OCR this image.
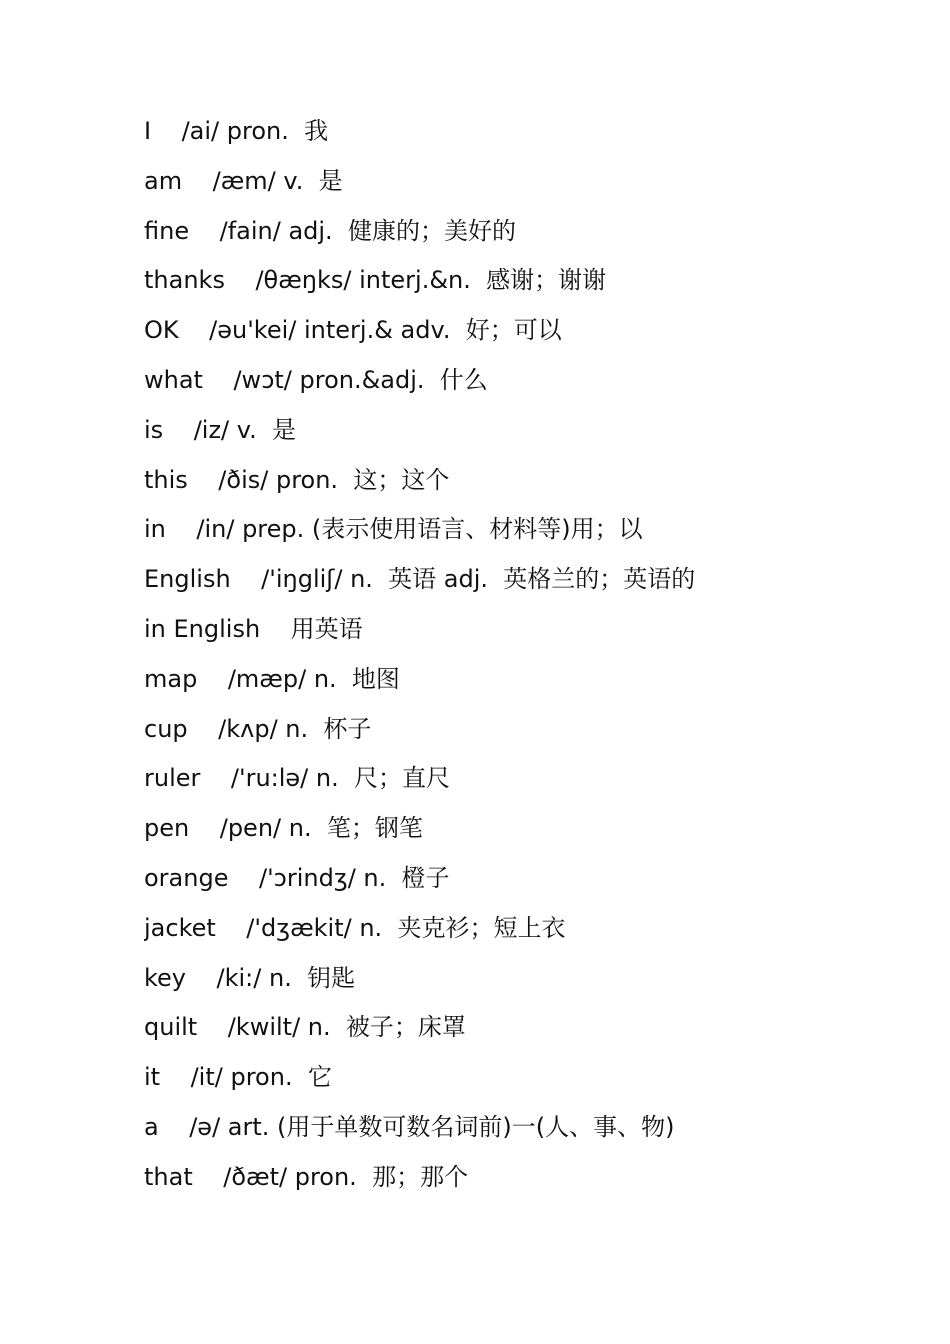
I    /ai/ pron.  我
am    /æm/ v.  是
fine    /fain/ adj.  健康的；美好的
thanks    /θæŋks/ interj.&n.  感谢；谢谢
OK    /əu'kei/ interj.& adv.  好；可以
what    /wɔt/ pron.&adj.  什么
is    /iz/ v.  是
this    /ðis/ pron.  这；这个
in    /in/ prep. (表示使用语言、材料等)用；以
English    /'iŋgliʃ/ n.  英语 adj.  英格兰的；英语的
in English    用英语
map    /mæp/ n.  地图
cup    /kʌp/ n.  杯子
ruler    /'ru:lə/ n.  尺；直尺
pen    /pen/ n.  笔；钢笔
orange    /'ɔrindʒ/ n.  橙子
jacket    /'dʒækit/ n.  夹克衫；短上衣
key    /ki:/ n.  钥匙
quilt    /kwilt/ n.  被子；床罩
it    /it/ pron.  它
a    /ə/ art. (用于单数可数名词前)一(人、事、物)
that    /ðæt/ pron.  那；那个
